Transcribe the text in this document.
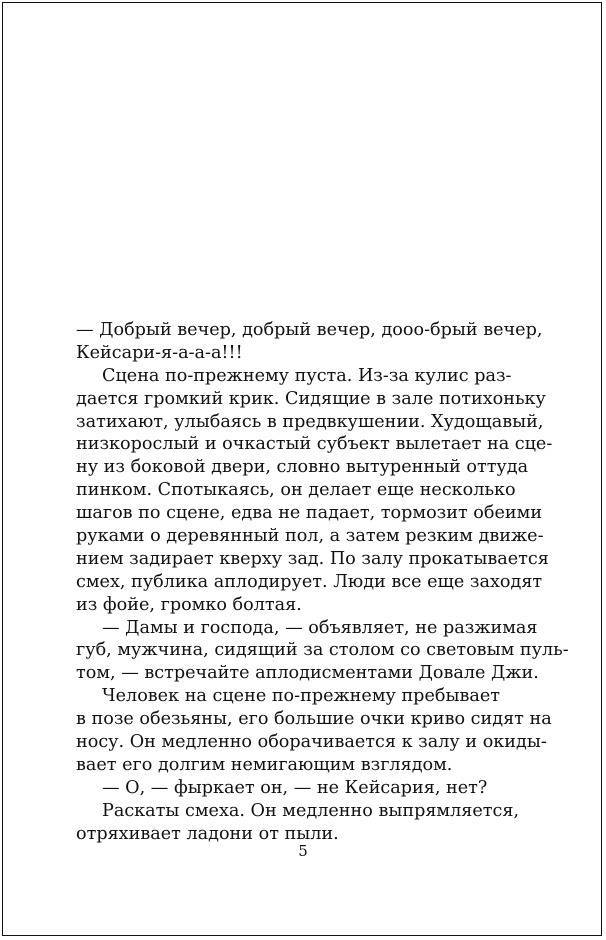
— Добрый вечер, добрый вечер, дооо-брый вечер,
Кейсари-я-а-а-а!!!
Сцена по-прежнему пуста. Из-за кулис раз-
дается громкий крик. Сидящие в зале потихоньку
затихают, улыбаясь в предвкушении. Худощавый,
низкорослый и очкастый субъект вылетает на сце-
ну из боковой двери, словно вытуренный оттуда
пинком. Спотыкаясь, он делает еще несколько
шагов по сцене, едва не падает, тормозит обеими
руками о деревянный пол, а затем резким движе-
нием задирает кверху зад. По залу прокатывается
смех, публика аплодирует. Люди все еще заходят
из фойе, громко болтая.
— Дамы и господа, — объявляет, не разжимая
губ, мужчина, сидящий за столом со световым пуль-
том, — встречайте аплодисментами Довале Джи.
Человек на сцене по-прежнему пребывает
в позе обезьяны, его большие очки криво сидят на
носу. Он медленно оборачивается к залу и окиды-
вает его долгим немигающим взглядом.
— О, — фыркает он, — не Кейсария, нет?
Раскаты смеха. Он медленно выпрямляется,
отряхивает ладони от пыли.
5
